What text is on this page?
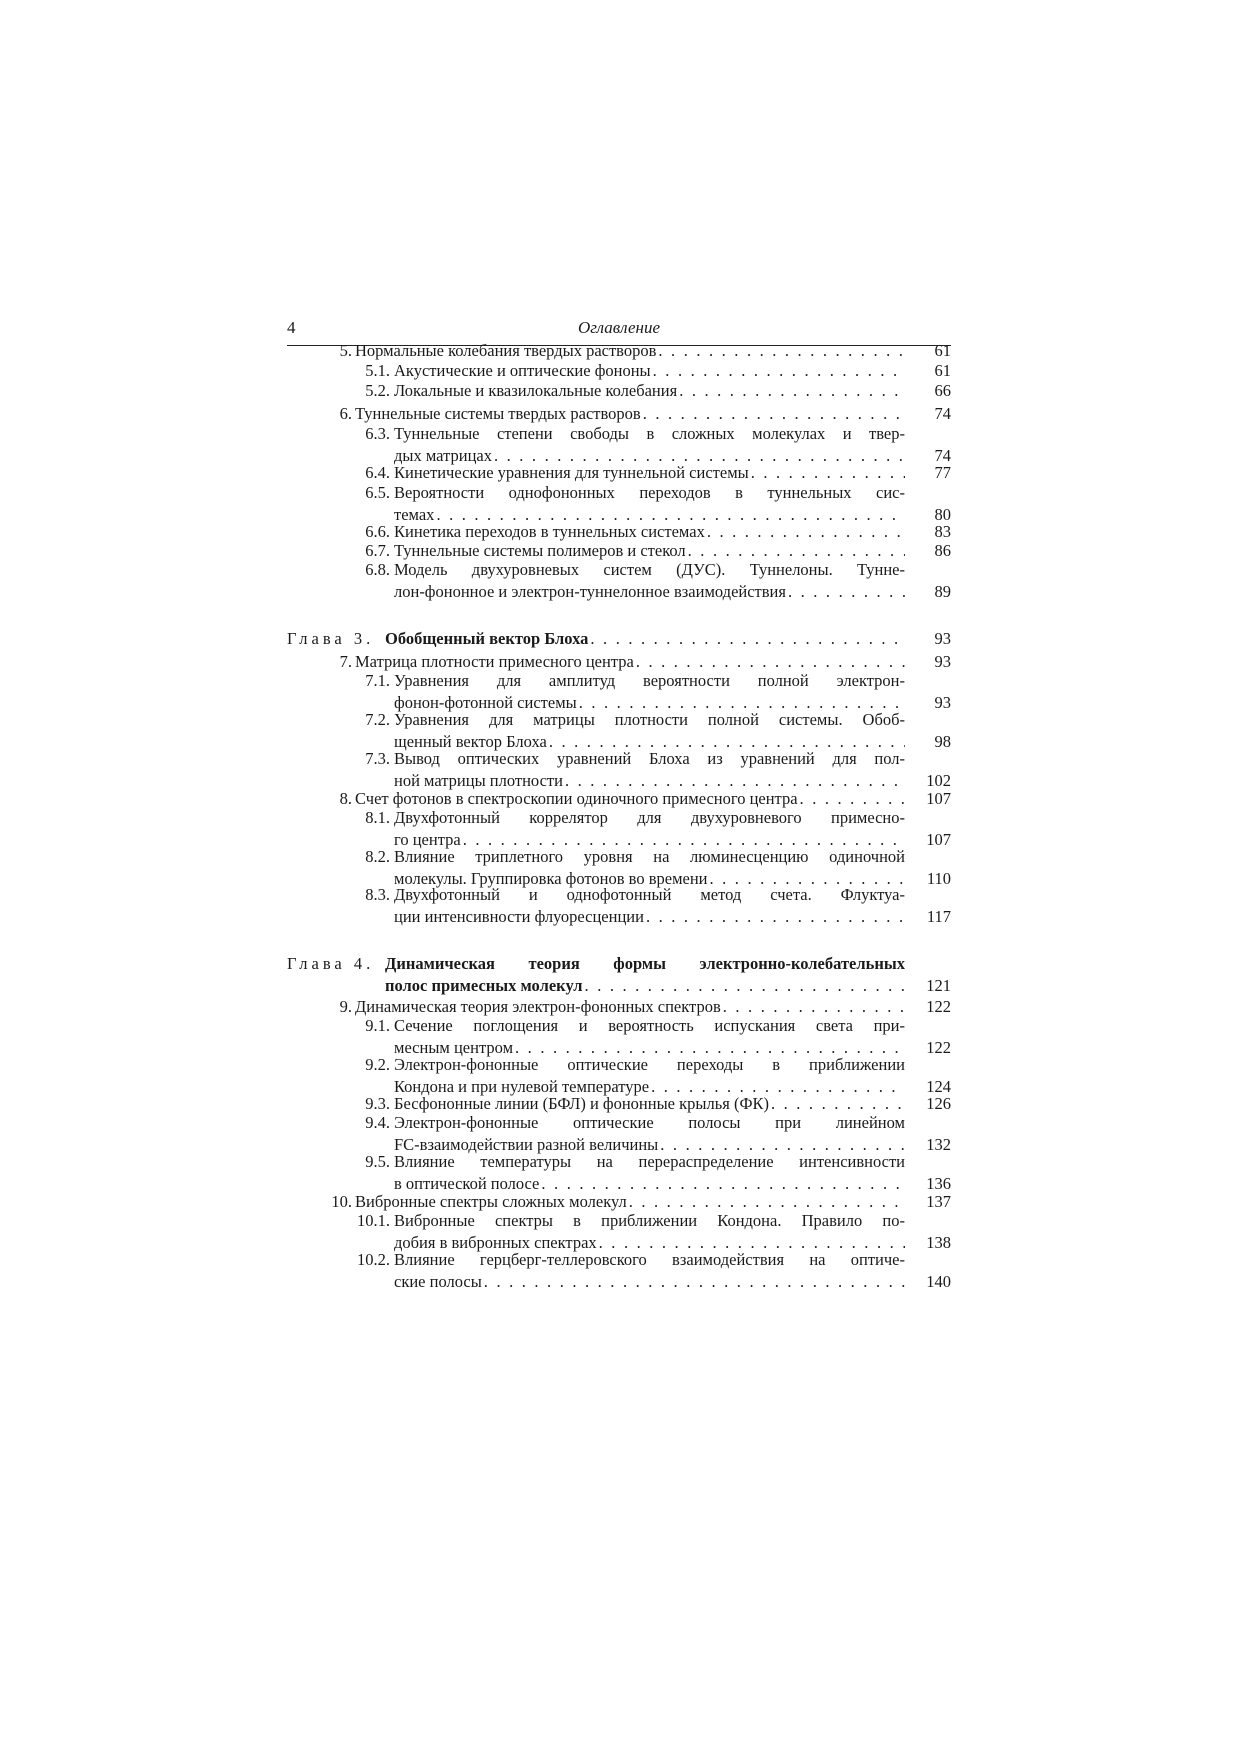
4	Оглавление
5. Нормальные колебания твердых растворов . . .	61
5.1. Акустические и оптические фононы . . .	61
5.2. Локальные и квазилокальные колебания . . .	66
6. Туннельные системы твердых растворов . . .	74
6.3. Туннельные степени свободы в сложных молекулах и твер-
дых матрицах . . .	74
6.4. Кинетические уравнения для туннельной системы . . .	77
6.5. Вероятности однофононных переходов в туннельных сис-
темах . . .	80
6.6. Кинетика переходов в туннельных системах . . .	83
6.7. Туннельные системы полимеров и стекол . . .	86
6.8. Модель двухуровневых систем (ДУС). Туннелоны. Тунне-
лон-фононное и электрон-туннелонное взаимодействия . . .	89
Глава 3. Обобщенный вектор Блоха . . .	93
7. Матрица плотности примесного центра . . .	93
7.1. Уравнения для амплитуд вероятности полной электрон-
фонон-фотонной системы . . .	93
7.2. Уравнения для матрицы плотности полной системы. Обоб-
щенный вектор Блоха . . .	98
7.3. Вывод оптических уравнений Блоха из уравнений для пол-
ной матрицы плотности . . .	102
8. Счет фотонов в спектроскопии одиночного примесного центра . . .	107
8.1. Двухфотонный коррелятор для двухуровневого примесно-
го центра . . .	107
8.2. Влияние триплетного уровня на люминесценцию одиночной
молекулы. Группировка фотонов во времени . . .	110
8.3. Двухфотонный и однофотонный метод счета. Флуктуа-
ции интенсивности флуоресценции . . .	117
Глава 4. Динамическая теория формы электронно-колебательных
полос примесных молекул . . .	121
9. Динамическая теория электрон-фононных спектров . . .	122
9.1. Сечение поглощения и вероятность испускания света при-
месным центром . . .	122
9.2. Электрон-фононные оптические переходы в приближении
Кондона и при нулевой температуре . . .	124
9.3. Бесфононные линии (БФЛ) и фононные крылья (ФК) . . .	126
9.4. Электрон-фононные оптические полосы при линейном
FC-взаимодействии разной величины . . .	132
9.5. Влияние температуры на перераспределение интенсивности
в оптической полосе . . .	136
10. Вибронные спектры сложных молекул . . .	137
10.1. Вибронные спектры в приближении Кондона. Правило по-
добия в вибронных спектрах . . .	138
10.2. Влияние герцберг-теллеровского взаимодействия на оптиче-
ские полосы . . .	140
